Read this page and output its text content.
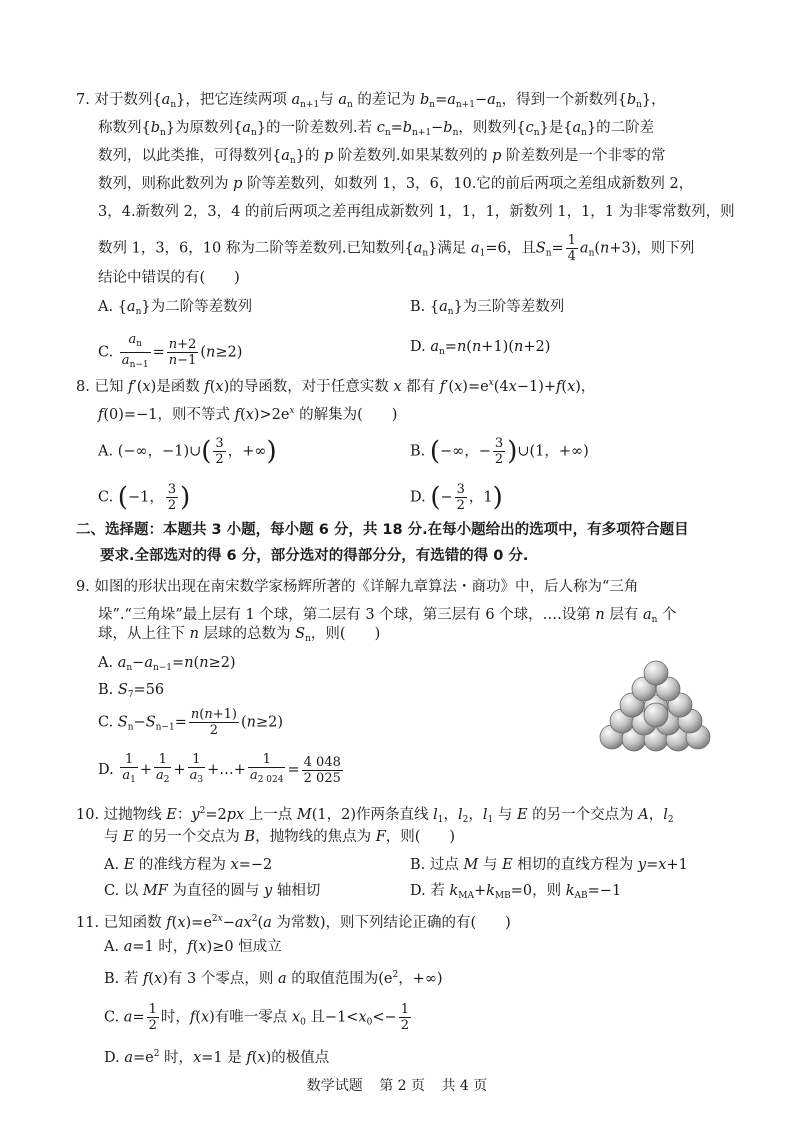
7. 对于数列$\{a_n\}$，把它连续两项 $a_{n+1}$与 $a_n$ 的差记为 $b_n=a_{n+1}-a_n$，得到一个新数列$\{b_n\}$，
称数列$\{b_n\}$为原数列$\{a_n\}$的一阶差数列.若 $c_n=b_{n+1}-b_n$，则数列$\{c_n\}$是$\{a_n\}$的二阶差
数列，以此类推，可得数列$\{a_n\}$的 p 阶差数列.如果某数列的 p 阶差数列是一个非零的常
数列，则称此数列为 p 阶等差数列，如数列 1，3，6，10.它的前后两项之差组成新数列 2，
3，4.新数列 2，3，4 的前后两项之差再组成新数列 1，1，1，新数列 1，1，1 为非零常数列，则
数列 1，3，6，10 称为二阶等差数列.已知数列$\{a_n\}$满足 $a_1=6$，且$S_n= \frac{1}{4} a_n(n+3)$，则下列
结论中错误的有(　　)
A. $\{a_n\}$为二阶等差数列	B. $\{a_n\}$为三阶等差数列
C. $\frac{a_n}{a_{n-1}} = \frac{n+2}{n-1} (n\ge 2)$	D. $a_n=n(n+1)(n+2)$
8. 已知 f′(x)是函数 f(x)的导函数，对于任意实数 x 都有 $f'(x)=e^x(4x-1)+f(x)$，
f(0)=−1，则不等式 $f(x)>2e^x$ 的解集为(　　)
A. (−∞，−1)∪( $\frac{3}{2}$ ，+∞)	B. (−∞，− $\frac{3}{2}$ )∪(1，+∞)
C. (−1， $\frac{3}{2}$ )	D. (− $\frac{3}{2}$ ，1)
二、选择题：本题共 3 小题，每小题 6 分，共 18 分.在每小题给出的选项中，有多项符合题目
要求.全部选对的得 6 分，部分选对的得部分分，有选错的得 0 分.
9. 如图的形状出现在南宋数学家杨辉所著的《详解九章算法・商功》中，后人称为“三角
垛”.“三角垛”最上层有 1 个球，第二层有 3 个球，第三层有 6 个球，….设第 n 层有 $a_n$ 个
球，从上往下 n 层球的总数为 $S_n$，则(　　)
A. $a_n-a_{n-1}=n(n\ge 2)$
B. $S_7=56$
C. $S_n-S_{n-1}= \frac{n(n+1)}{2} (n\ge 2)$
D. $\frac{1}{a_1} + \frac{1}{a_2} + \frac{1}{a_3}$ +…+ $\frac{1}{a_{2 024}} = \frac{4 048}{2 025}$
10. 过抛物线 E：$y^2=2px$ 上一点 M(1，2)作两条直线 $l_1$，$l_2$，$l_1$ 与 E 的另一个交点为 A，$l_2$
与 E 的另一个交点为 B，抛物线的焦点为 F，则(　　)
A. E 的准线方程为 x=−2	B. 过点 M 与 E 相切的直线方程为 y=x+1
C. 以 MF 为直径的圆与 y 轴相切	D. 若 $k_{MA}+k_{MB}=0$，则 $k_{AB}=-1$
11. 已知函数 $f(x)=e^{2x}-ax^2(a$ 为常数)，则下列结论正确的有(　　)
A. a=1 时，f(x)≥0 恒成立
B. 若 f(x)有 3 个零点，则 a 的取值范围为($e^2$，+∞)
C. $a= \frac{1}{2}$ 时，f(x)有唯一零点 $x_0$ 且$-1<x_0<- \frac{1}{2}$
D. $a=e^2$ 时，x=1 是 f(x)的极值点
数学试题 第 2 页 共 4 页
